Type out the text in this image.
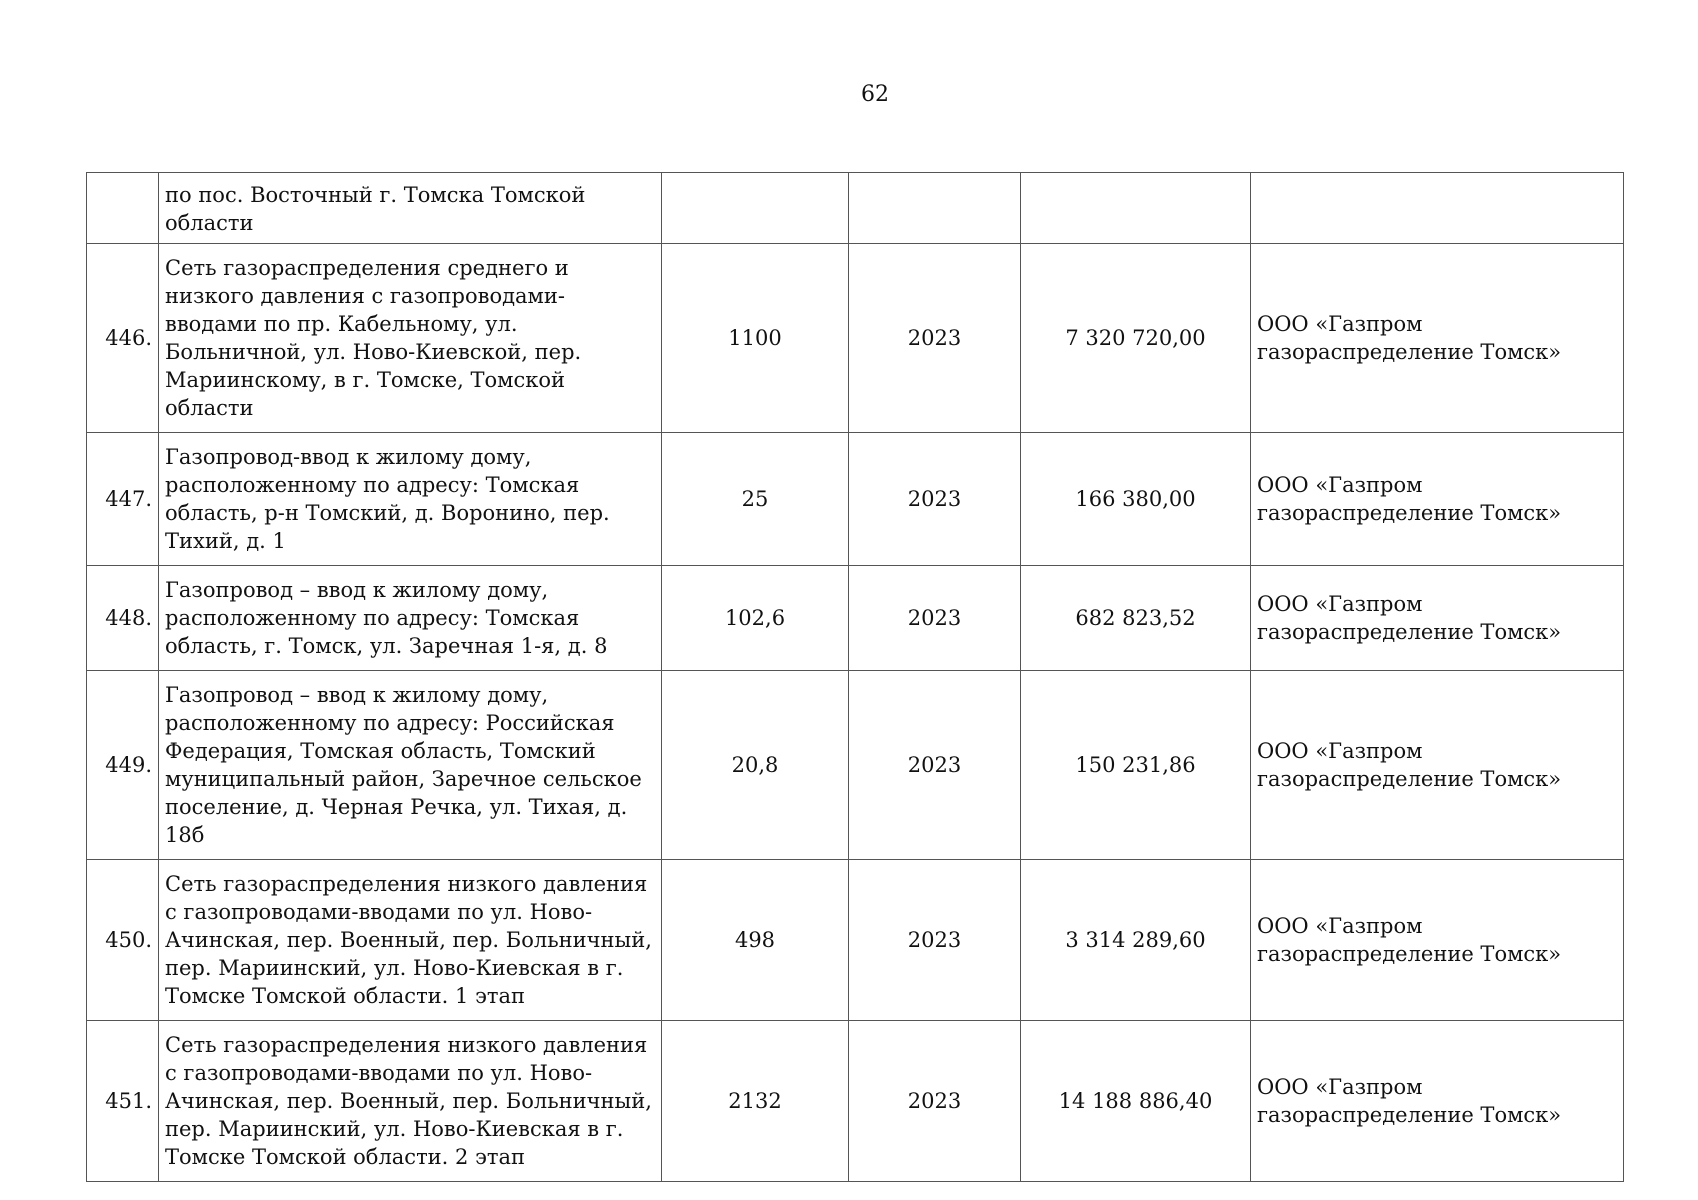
62
	по пос. Восточный г. Томска Томской области				
446.	Сеть газораспределения среднего и низкого давления с газопроводами-вводами по пр. Кабельному, ул. Больничной, ул. Ново-Киевской, пер. Мариинскому, в г. Томске, Томской области	1100	2023	7 320 720,00	ООО «Газпром газораспределение Томск»
447.	Газопровод-ввод к жилому дому, расположенному по адресу: Томская область, р-н Томский, д. Воронино, пер. Тихий, д. 1	25	2023	166 380,00	ООО «Газпром газораспределение Томск»
448.	Газопровод – ввод к жилому дому, расположенному по адресу: Томская область, г. Томск, ул. Заречная 1-я, д. 8	102,6	2023	682 823,52	ООО «Газпром газораспределение Томск»
449.	Газопровод – ввод к жилому дому, расположенному по адресу: Российская Федерация, Томская область, Томский муниципальный район, Заречное сельское поселение, д. Черная Речка, ул. Тихая, д. 18б	20,8	2023	150 231,86	ООО «Газпром газораспределение Томск»
450.	Сеть газораспределения низкого давления с газопроводами-вводами по ул. Ново-Ачинская, пер. Военный, пер. Больничный, пер. Мариинский, ул. Ново-Киевская в г. Томске Томской области. 1 этап	498	2023	3 314 289,60	ООО «Газпром газораспределение Томск»
451.	Сеть газораспределения низкого давления с газопроводами-вводами по ул. Ново-Ачинская, пер. Военный, пер. Больничный, пер. Мариинский, ул. Ново-Киевская в г. Томске Томской области. 2 этап	2132	2023	14 188 886,40	ООО «Газпром газораспределение Томск»
